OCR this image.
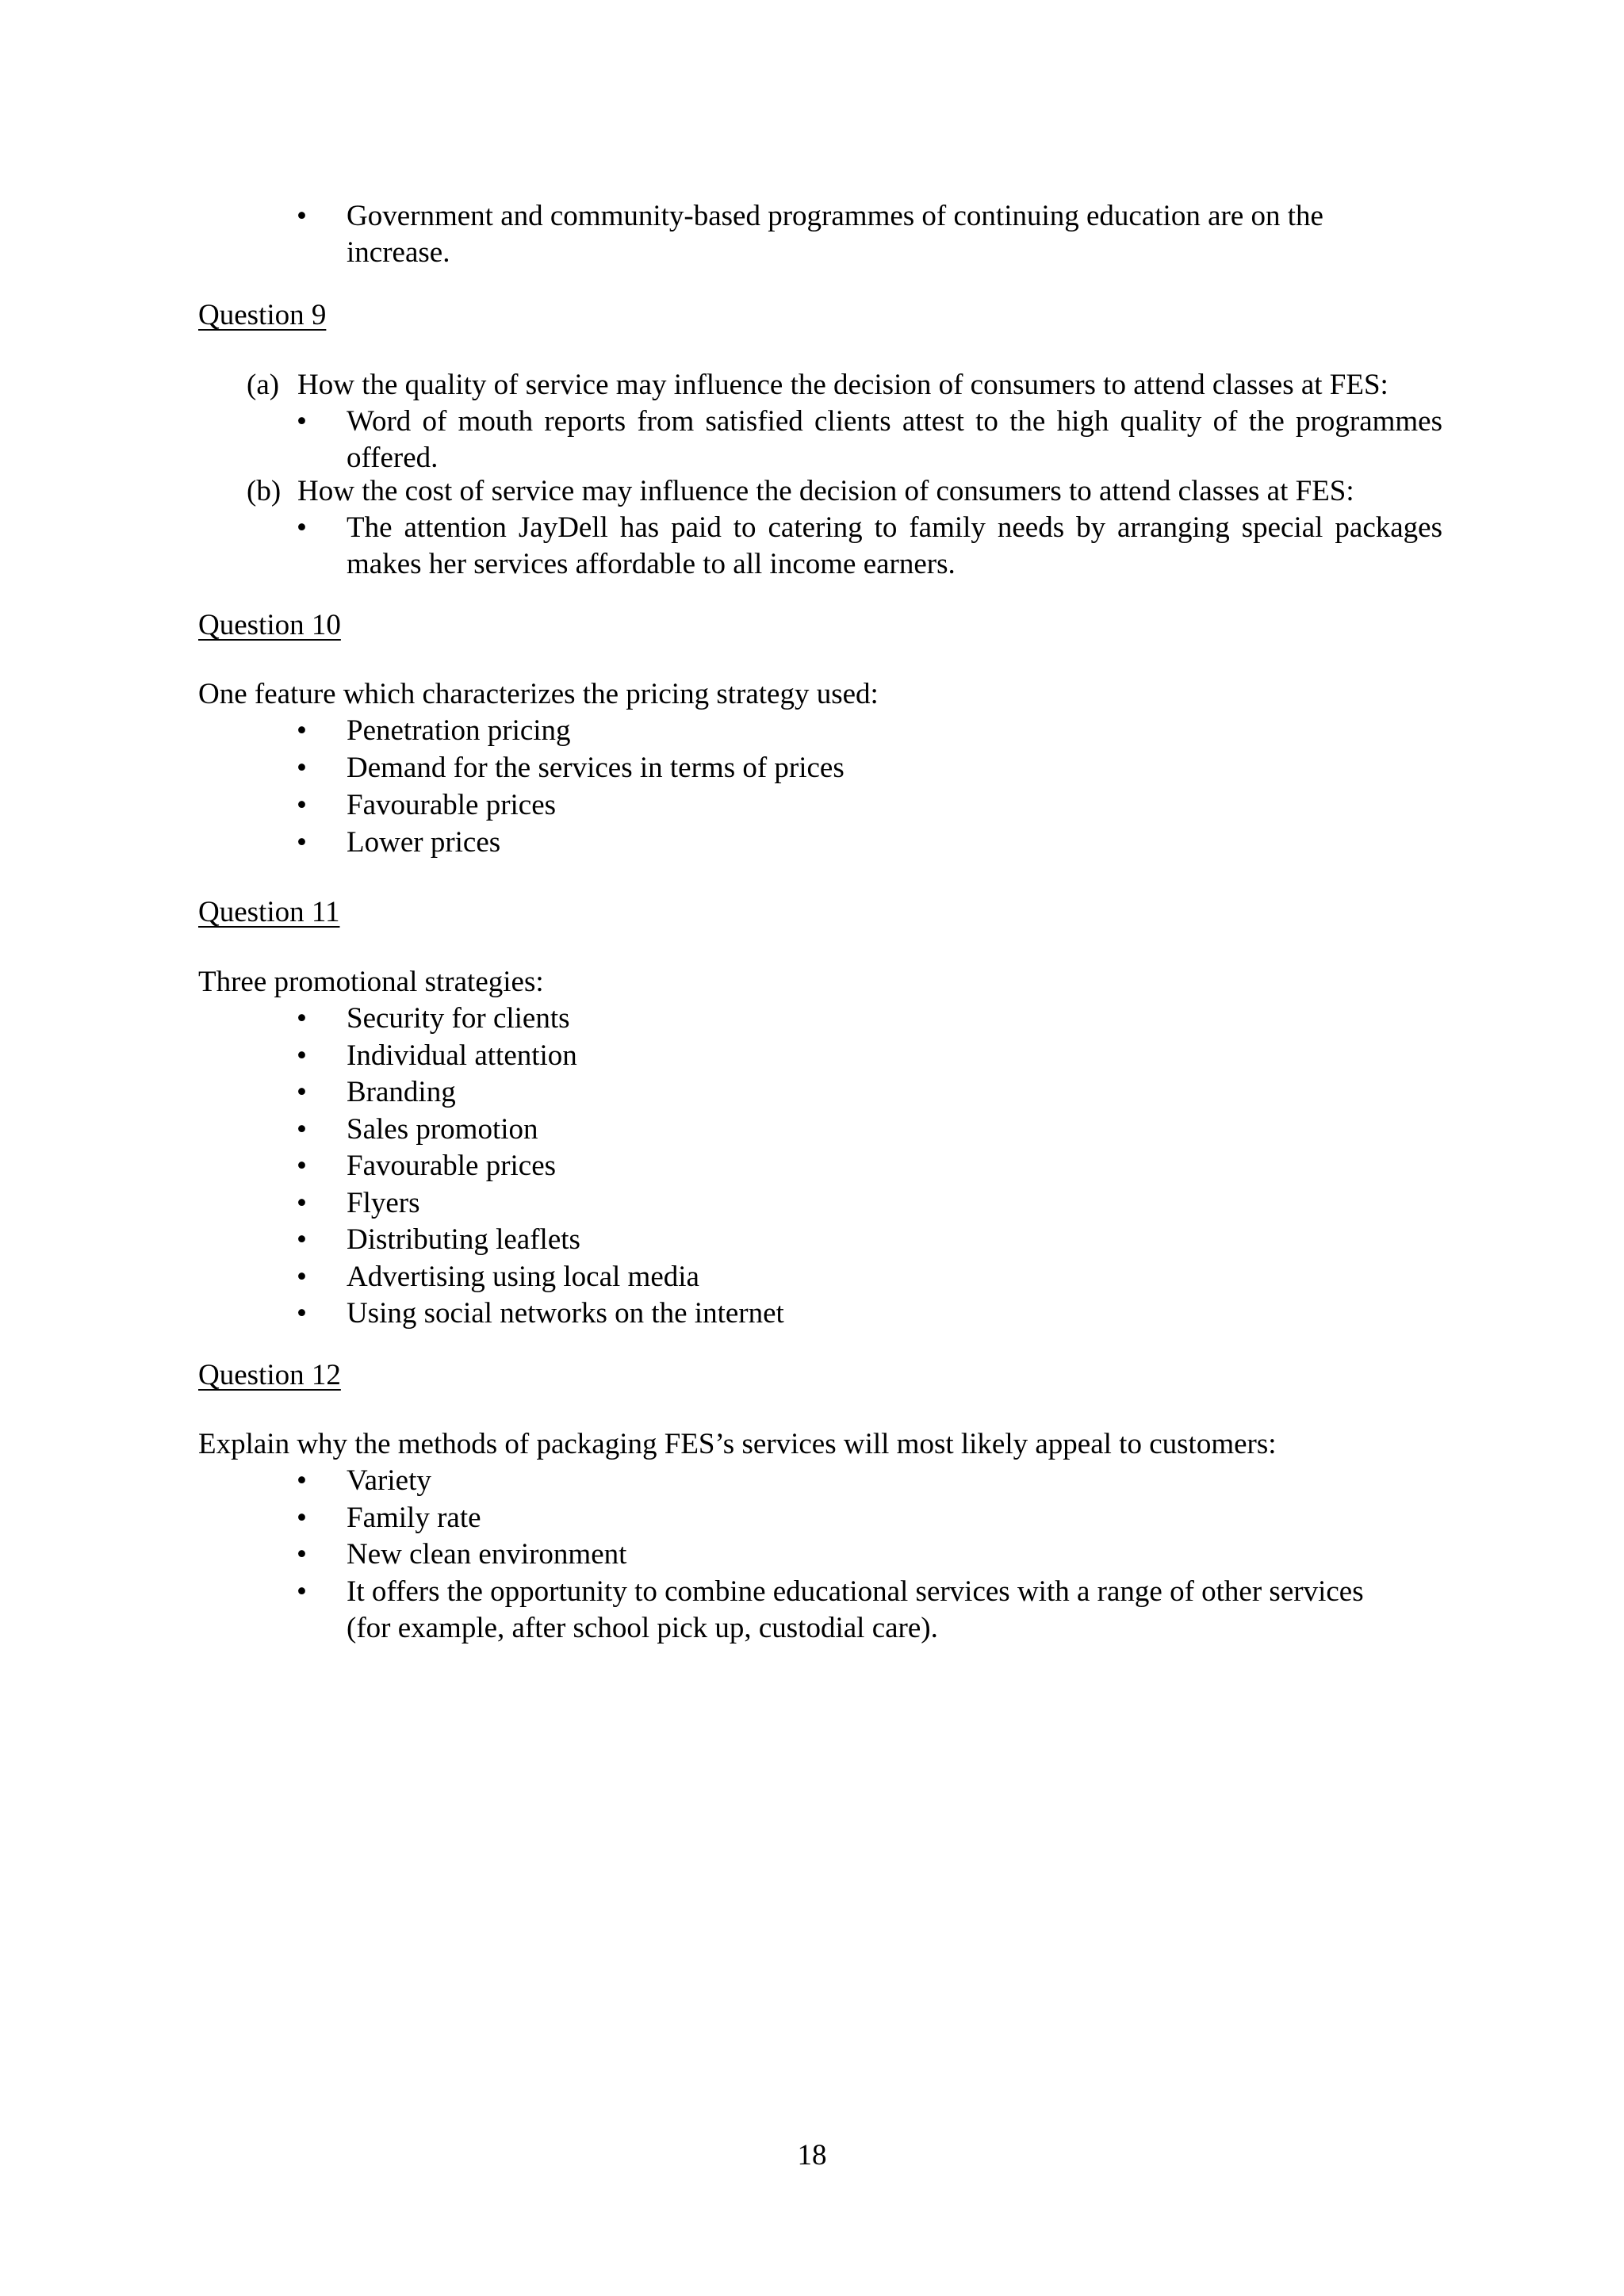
• Government and community-based programmes of continuing education are on the
increase.
Question 9
(a) How the quality of service may influence the decision of consumers to attend classes at FES:
• Word of mouth reports from satisfied clients attest to the high quality of the programmes
offered.
(b) How the cost of service may influence the decision of consumers to attend classes at FES:
• The attention JayDell has paid to catering to family needs by arranging special packages
makes her services affordable to all income earners.
Question 10
One feature which characterizes the pricing strategy used:
• Penetration pricing
• Demand for the services in terms of prices
• Favourable prices
• Lower prices
Question 11
Three promotional strategies:
• Security for clients
• Individual attention
• Branding
• Sales promotion
• Favourable prices
• Flyers
• Distributing leaflets
• Advertising using local media
• Using social networks on the internet
Question 12
Explain why the methods of packaging FES’s services will most likely appeal to customers:
• Variety
• Family rate
• New clean environment
• It offers the opportunity to combine educational services with a range of other services
(for example, after school pick up, custodial care).
18
